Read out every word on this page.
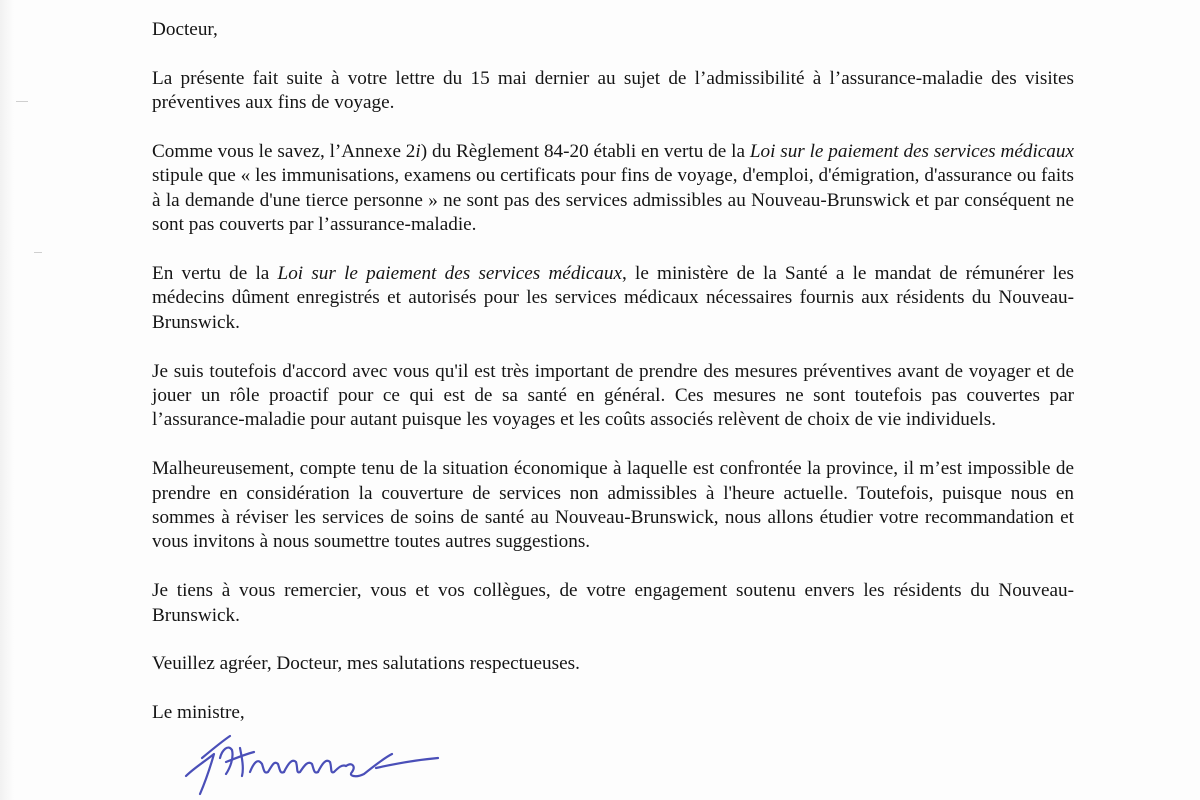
Docteur,

La présente fait suite à votre lettre du 15 mai dernier au sujet de l’admissibilité à l’assurance-maladie des visites préventives aux fins de voyage.

Comme vous le savez, l’Annexe 2i) du Règlement 84-20 établi en vertu de la Loi sur le paiement des services médicaux stipule que « les immunisations, examens ou certificats pour fins de voyage, d'emploi, d'émigration, d'assurance ou faits à la demande d'une tierce personne » ne sont pas des services admissibles au Nouveau-Brunswick et par conséquent ne sont pas couverts par l’assurance-maladie.

En vertu de la Loi sur le paiement des services médicaux, le ministère de la Santé a le mandat de rémunérer les médecins dûment enregistrés et autorisés pour les services médicaux nécessaires fournis aux résidents du Nouveau-Brunswick.

Je suis toutefois d'accord avec vous qu'il est très important de prendre des mesures préventives avant de voyager et de jouer un rôle proactif pour ce qui est de sa santé en général. Ces mesures ne sont toutefois pas couvertes par l’assurance-maladie pour autant puisque les voyages et les coûts associés relèvent de choix de vie individuels.

Malheureusement, compte tenu de la situation économique à laquelle est confrontée la province, il m’est impossible de prendre en considération la couverture de services non admissibles à l'heure actuelle. Toutefois, puisque nous en sommes à réviser les services de soins de santé au Nouveau-Brunswick, nous allons étudier votre recommandation et vous invitons à nous soumettre toutes autres suggestions.

Je tiens à vous remercier, vous et vos collègues, de votre engagement soutenu envers les résidents du Nouveau-Brunswick.

Veuillez agréer, Docteur, mes salutations respectueuses.

Le ministre,
